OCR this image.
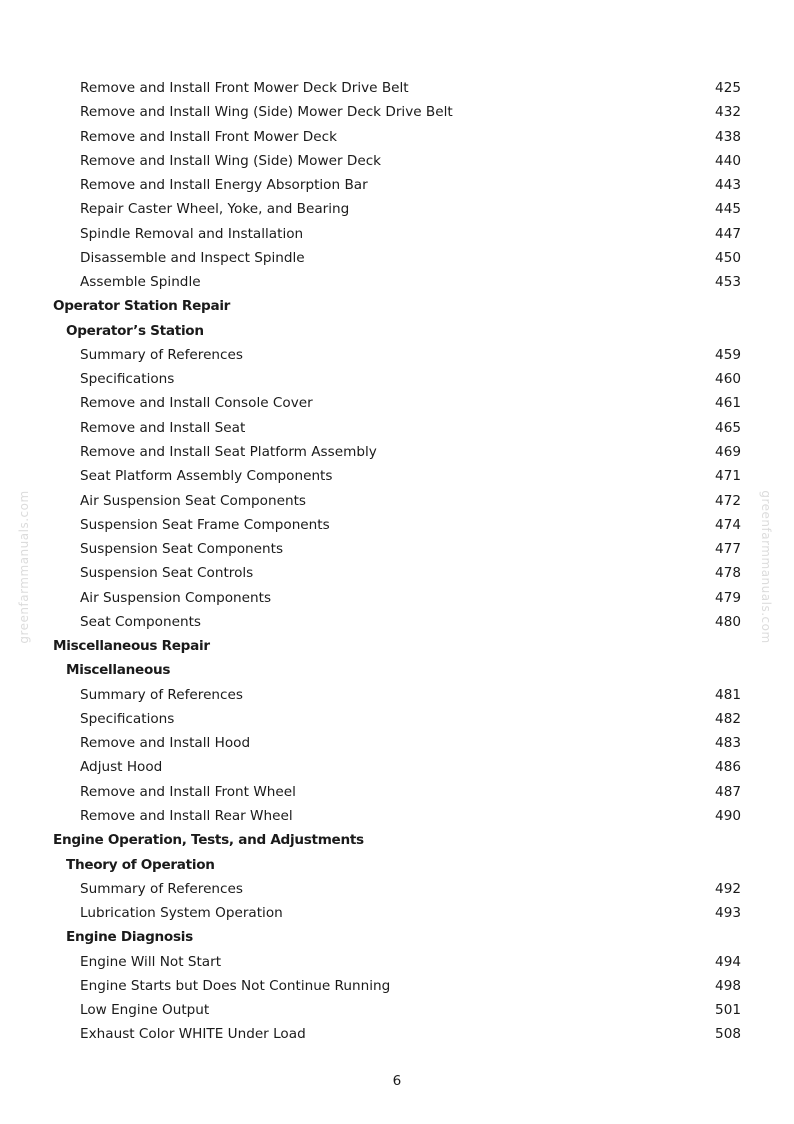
greenfarmmanuals.com	greenfarmmanuals.com
Remove and Install Front Mower Deck Drive Belt	425
Remove and Install Wing (Side) Mower Deck Drive Belt	432
Remove and Install Front Mower Deck	438
Remove and Install Wing (Side) Mower Deck	440
Remove and Install Energy Absorption Bar	443
Repair Caster Wheel, Yoke, and Bearing	445
Spindle Removal and Installation	447
Disassemble and Inspect Spindle	450
Assemble Spindle	453
Operator Station Repair
Operator’s Station
Summary of References	459
Specifications	460
Remove and Install Console Cover	461
Remove and Install Seat	465
Remove and Install Seat Platform Assembly	469
Seat Platform Assembly Components	471
Air Suspension Seat Components	472
Suspension Seat Frame Components	474
Suspension Seat Components	477
Suspension Seat Controls	478
Air Suspension Components	479
Seat Components	480
Miscellaneous Repair
Miscellaneous
Summary of References	481
Specifications	482
Remove and Install Hood	483
Adjust Hood	486
Remove and Install Front Wheel	487
Remove and Install Rear Wheel	490
Engine Operation, Tests, and Adjustments
Theory of Operation
Summary of References	492
Lubrication System Operation	493
Engine Diagnosis
Engine Will Not Start	494
Engine Starts but Does Not Continue Running	498
Low Engine Output	501
Exhaust Color WHITE Under Load	508
6
